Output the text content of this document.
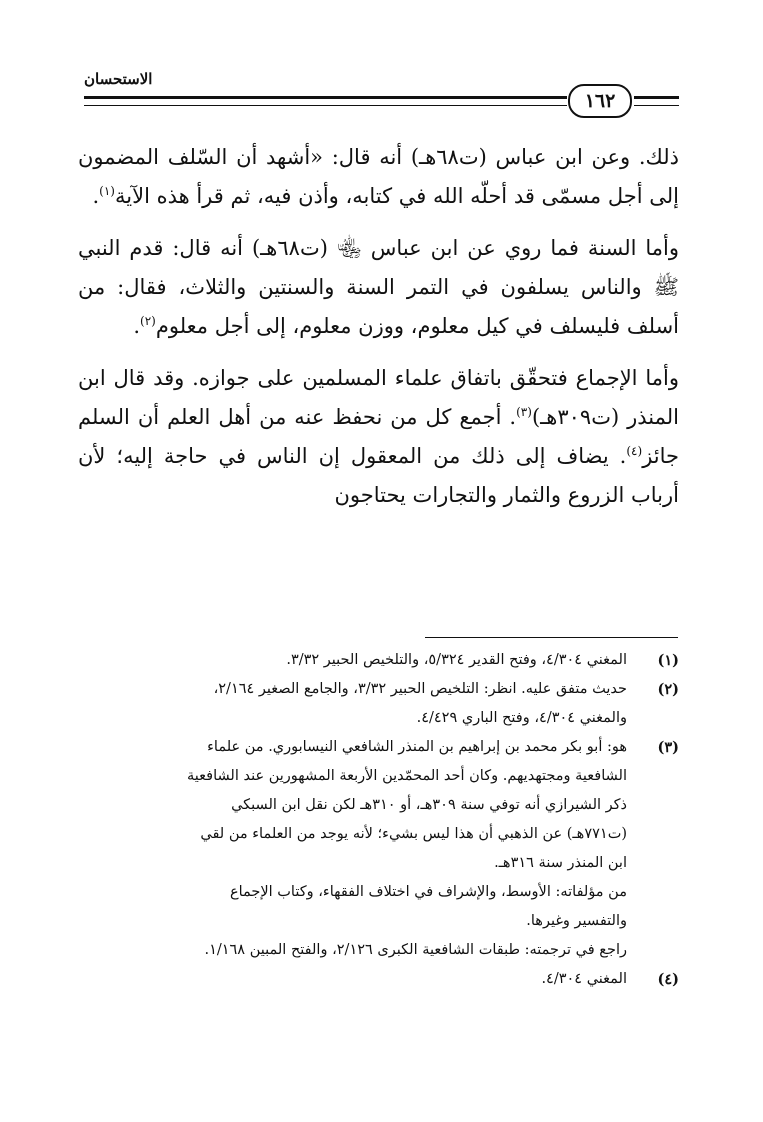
الاستحسان
١٦٢

ذلك. وعن ابن عباس (ت٦٨هـ) أنه قال: «أشهد أن السّلف المضمون إلى أجل مسمّى قد أحلّه الله في كتابه، وأذن فيه، ثم قرأ هذه الآية$^{(١)}$.

وأما السنة فما روي عن ابن عباس ﵄ (ت٦٨هـ) أنه قال: قدم النبي ﷺ والناس يسلفون في التمر السنة والسنتين والثلاث، فقال: من أسلف فليسلف في كيل معلوم، ووزن معلوم، إلى أجل معلوم$^{(٢)}$.

وأما الإجماع فتحقّق باتفاق علماء المسلمين على جوازه. وقد قال ابن المنذر (ت٣٠٩هـ)$^{(٣)}$. أجمع كل من نحفظ عنه من أهل العلم أن السلم جائز$^{(٤)}$. يضاف إلى ذلك من المعقول إن الناس في حاجة إليه؛ لأن أرباب الزروع والثمار والتجارات يحتاجون

(١)
المغني ٤/٣٠٤، وفتح القدير ٥/٣٢٤، والتلخيص الحبير ٣/٣٢.
(٢)
حديث متفق عليه. انظر: التلخيص الحبير ٣/٣٢، والجامع الصغير ٢/١٦٤،
والمغني ٤/٣٠٤، وفتح الباري ٤/٤٢٩.
(٣)
هو: أبو بكر محمد بن إبراهيم بن المنذر الشافعي النيسابوري. من علماء
الشافعية ومجتهديهم. وكان أحد المحمّدين الأربعة المشهورين عند الشافعية
ذكر الشيرازي أنه توفي سنة ٣٠٩هـ، أو ٣١٠هـ لكن نقل ابن السبكي
(ت٧٧١هـ) عن الذهبي أن هذا ليس بشيء؛ لأنه يوجد من العلماء من لقي
ابن المنذر سنة ٣١٦هـ.
من مؤلفاته: الأوسط، والإشراف في اختلاف الفقهاء، وكتاب الإجماع
والتفسير وغيرها.
راجع في ترجمته: طبقات الشافعية الكبرى ٢/١٢٦، والفتح المبين ١/١٦٨.
(٤)
المغني ٤/٣٠٤.
